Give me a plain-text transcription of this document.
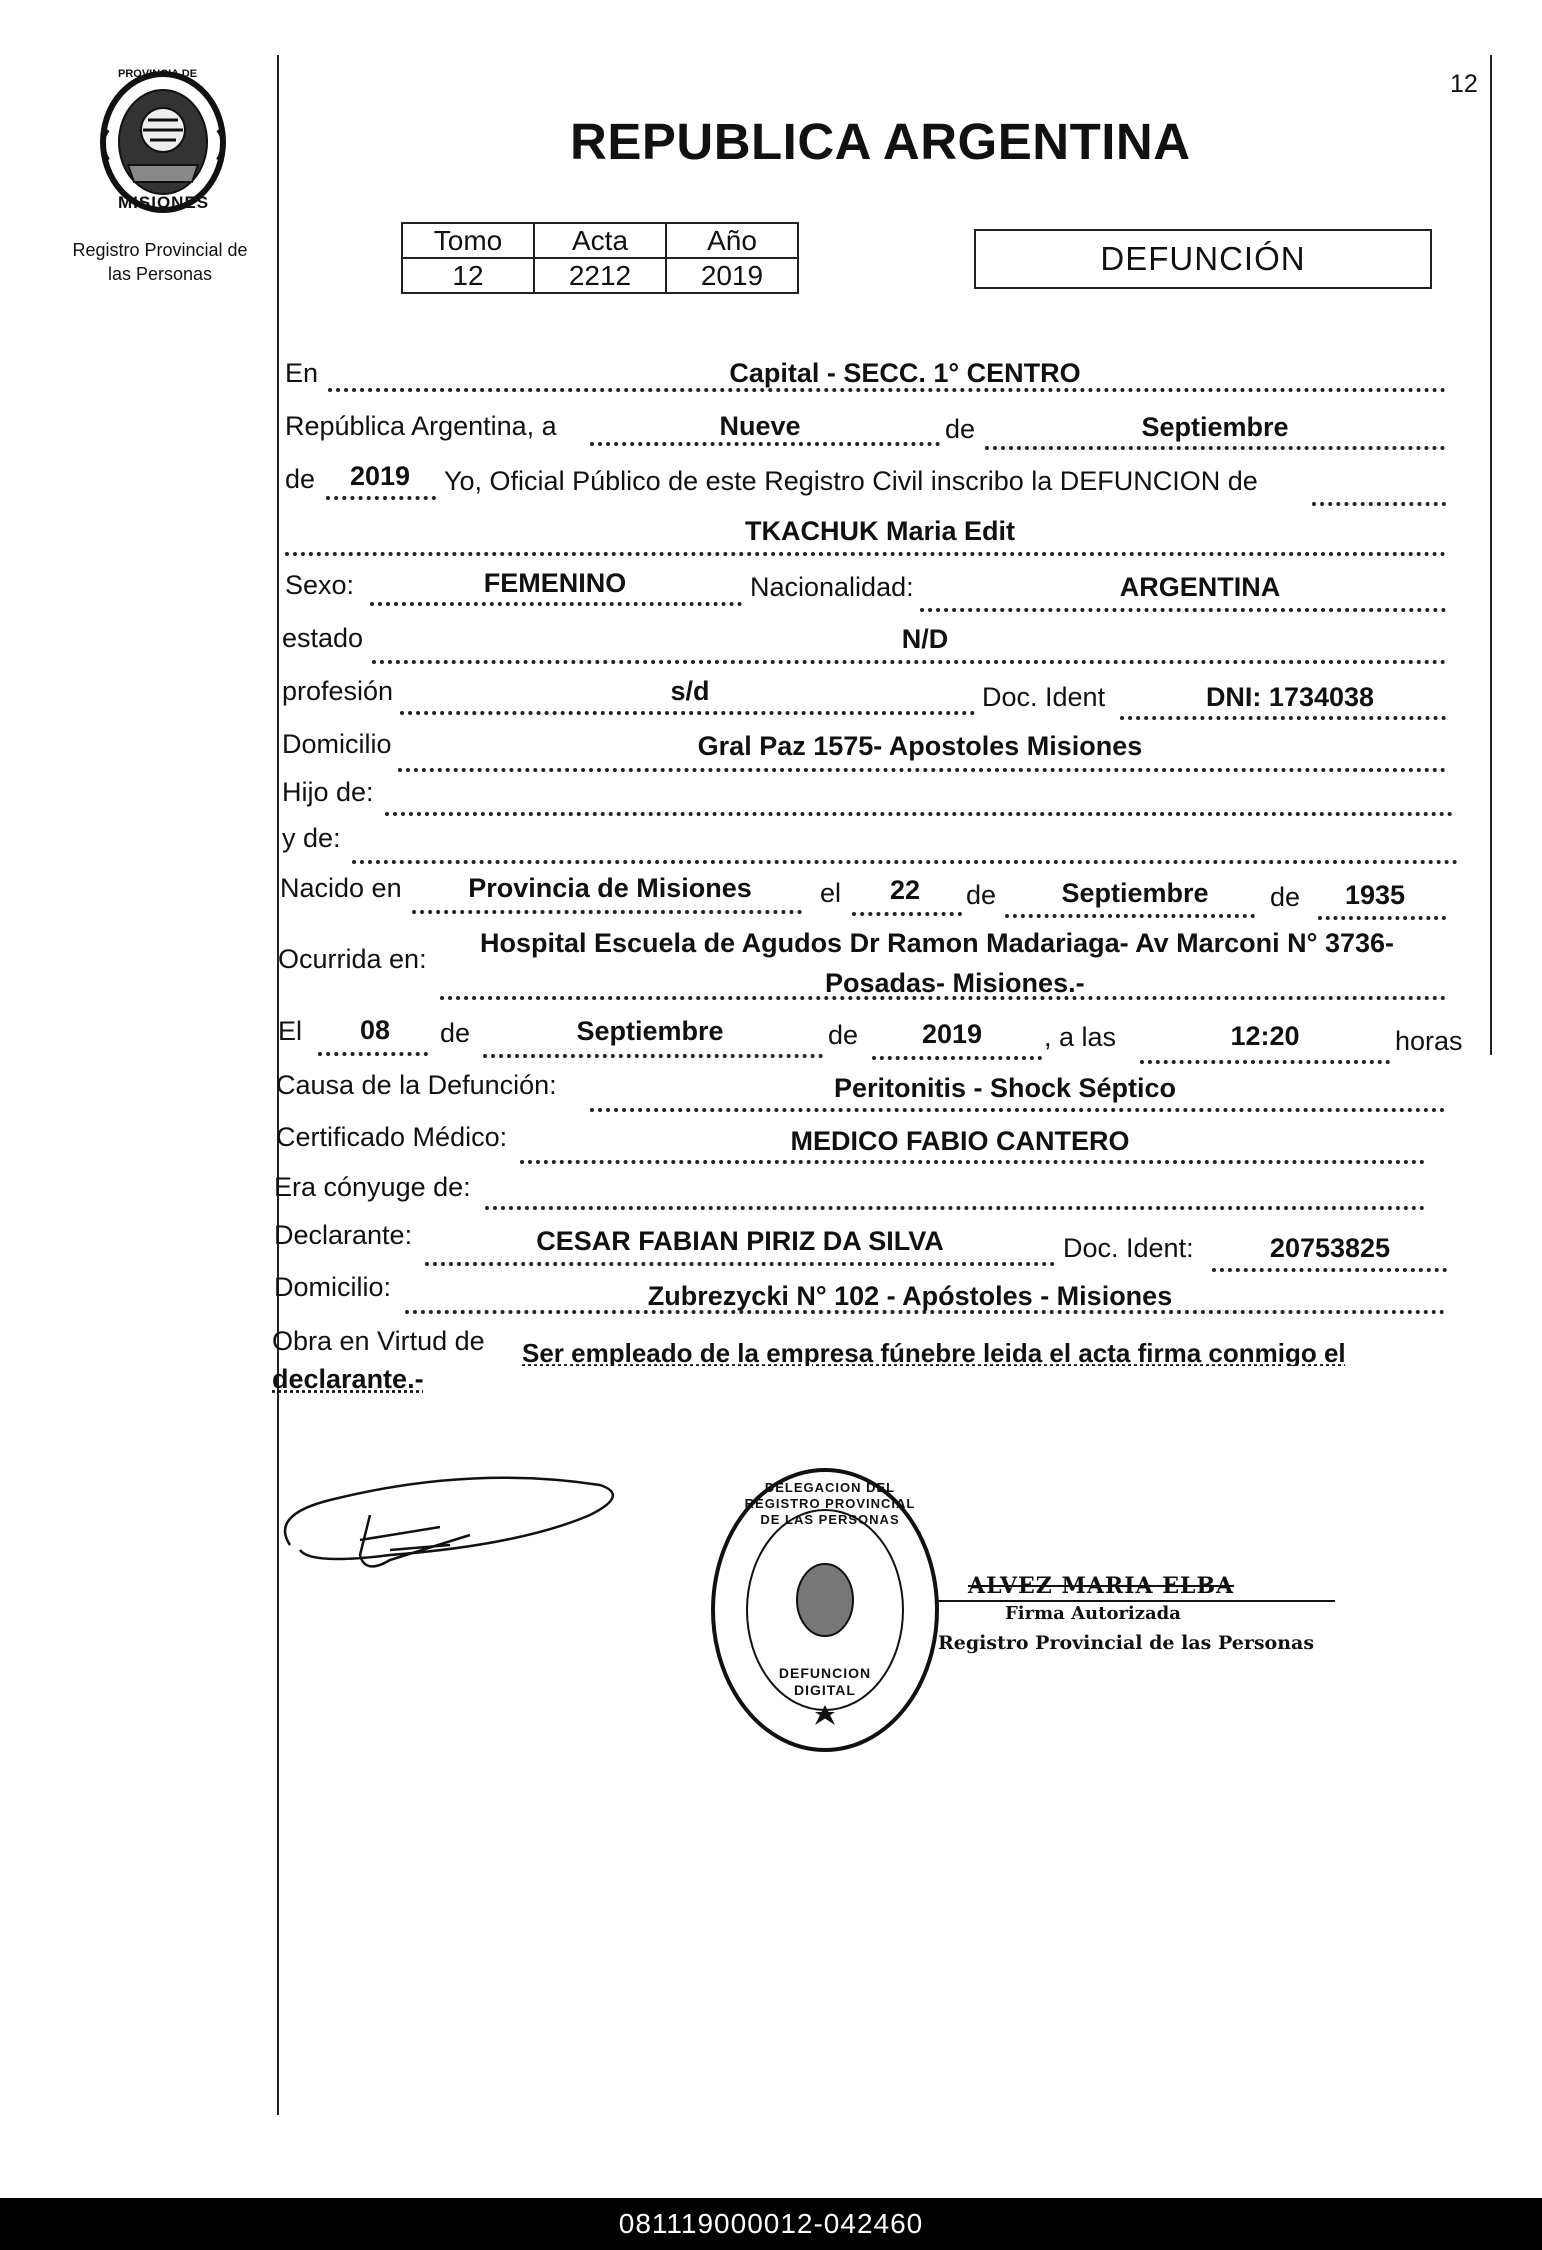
12
PROVINCIA DE
MISIONES
Registro Provincial de
las Personas
REPUBLICA ARGENTINA
Tomo	Acta	Año
12	2212	2019	DEFUNCIÓN
En	Capital - SECC. 1° CENTRO
República Argentina, a	Nueve	de	Septiembre
de	2019	Yo, Oficial Público de este Registro Civil inscribo la DEFUNCION de
TKACHUK Maria Edit
Sexo:	FEMENINO	Nacionalidad:	ARGENTINA
estado	N/D
profesión	s/d	Doc. Ident	DNI: 1734038
Domicilio	Gral Paz 1575- Apostoles Misiones
Hijo de:
y de:
Nacido en	Provincia de Misiones	el	22	de	Septiembre	de	1935
Ocurrida en:
Hospital Escuela de Agudos Dr Ramon Madariaga- Av Marconi N° 3736-
Posadas- Misiones.-
El	08	de	Septiembre	de	2019	, a las	12:20	horas
Causa de la Defunción:	Peritonitis - Shock Séptico
Certificado Médico:	MEDICO FABIO CANTERO
Era cónyuge de:
Declarante:	CESAR FABIAN PIRIZ DA SILVA	Doc. Ident:	20753825
Domicilio:	Zubrezycki N° 102 - Apóstoles - Misiones
Obra en Virtud de Ser empleado de la empresa fúnebre leida el acta firma conmigo el
declarante.-
DELEGACION DEL REGISTRO PROVINCIAL DE LAS PERSONAS
DEFUNCION DIGITAL
ALVEZ MARIA ELBA
Firma Autorizada
Registro Provincial de las Personas
081119000012-042460
